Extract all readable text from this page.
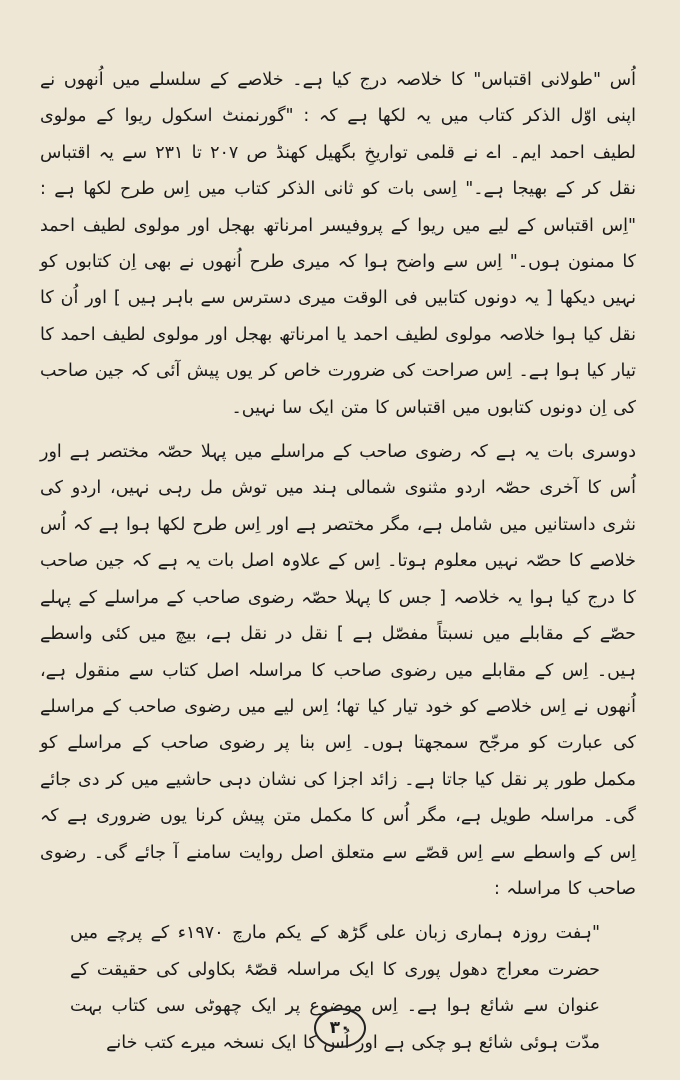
اُس "طولانی اقتباس" کا خلاصہ درج کیا ہے۔ خلاصے کے سلسلے میں اُنھوں نے اپنی اوّل الذکر کتاب میں یہ لکھا ہے کہ : "گورنمنٹ اسکول ریوا کے مولوی لطیف احمد ایم۔ اے نے قلمی تواریخِ بگھیل کھنڈ ص ۲۰۷ تا ۲۳۱ سے یہ اقتباس نقل کر کے بھیجا ہے۔" اِسی بات کو ثانی الذکر کتاب میں اِس طرح لکھا ہے : "اِس اقتباس کے لیے میں ریوا کے پروفیسر امرناتھ بھجل اور مولوی لطیف احمد کا ممنون ہوں۔" اِس سے واضح ہوا کہ میری طرح اُنھوں نے بھی اِن کتابوں کو نہیں دیکھا [ یہ دونوں کتابیں فی الوقت میری دسترس سے باہر ہیں ] اور اُن کا نقل کیا ہوا خلاصہ مولوی لطیف احمد یا امرناتھ بھجل اور مولوی لطیف احمد کا تیار کیا ہوا ہے۔ اِس صراحت کی ضرورت خاص کر یوں پیش آئی کہ جین صاحب کی اِن دونوں کتابوں میں اقتباس کا متن ایک سا نہیں۔

دوسری بات یہ ہے کہ رضوی صاحب کے مراسلے میں پہلا حصّہ مختصر ہے اور اُس کا آخری حصّہ اردو مثنوی شمالی ہند میں توش مل رہی نہیں، اردو کی نثری داستانیں میں شامل ہے، مگر مختصر ہے اور اِس طرح لکھا ہوا ہے کہ اُس خلاصے کا حصّہ نہیں معلوم ہوتا۔ اِس کے علاوہ اصل بات یہ ہے کہ جین صاحب کا درج کیا ہوا یہ خلاصہ [ جس کا پہلا حصّہ رضوی صاحب کے مراسلے کے پہلے حصّے کے مقابلے میں نسبتاً مفصّل ہے ] نقل در نقل ہے، بیچ میں کئی واسطے ہیں۔ اِس کے مقابلے میں رضوی صاحب کا مراسلہ اصل کتاب سے منقول ہے، اُنھوں نے اِس خلاصے کو خود تیار کیا تھا؛ اِس لیے میں رضوی صاحب کے مراسلے کی عبارت کو مرجّح سمجھتا ہوں۔ اِس بنا پر رضوی صاحب کے مراسلے کو مکمل طور پر نقل کیا جاتا ہے۔ زائد اجزا کی نشان دہی حاشیے میں کر دی جائے گی۔ مراسلہ طویل ہے، مگر اُس کا مکمل متن پیش کرنا یوں ضروری ہے کہ اِس کے واسطے سے اِس قصّے سے متعلق اصل روایت سامنے آ جائے گی۔ رضوی صاحب کا مراسلہ :

"ہفت روزہ ہماری زبان علی گڑھ کے یکم مارچ ۱۹۷۰ء کے پرچے میں حضرت معراج دھول پوری کا ایک مراسلہ قصّۂ بکاولی کی حقیقت کے عنوان سے شائع ہوا ہے۔ اِس موضوع پر ایک چھوٹی سی کتاب بہت مدّت ہوئی شائع ہو چکی ہے اور اُس کا ایک نسخہ میرے کتب خانے

۳۰
